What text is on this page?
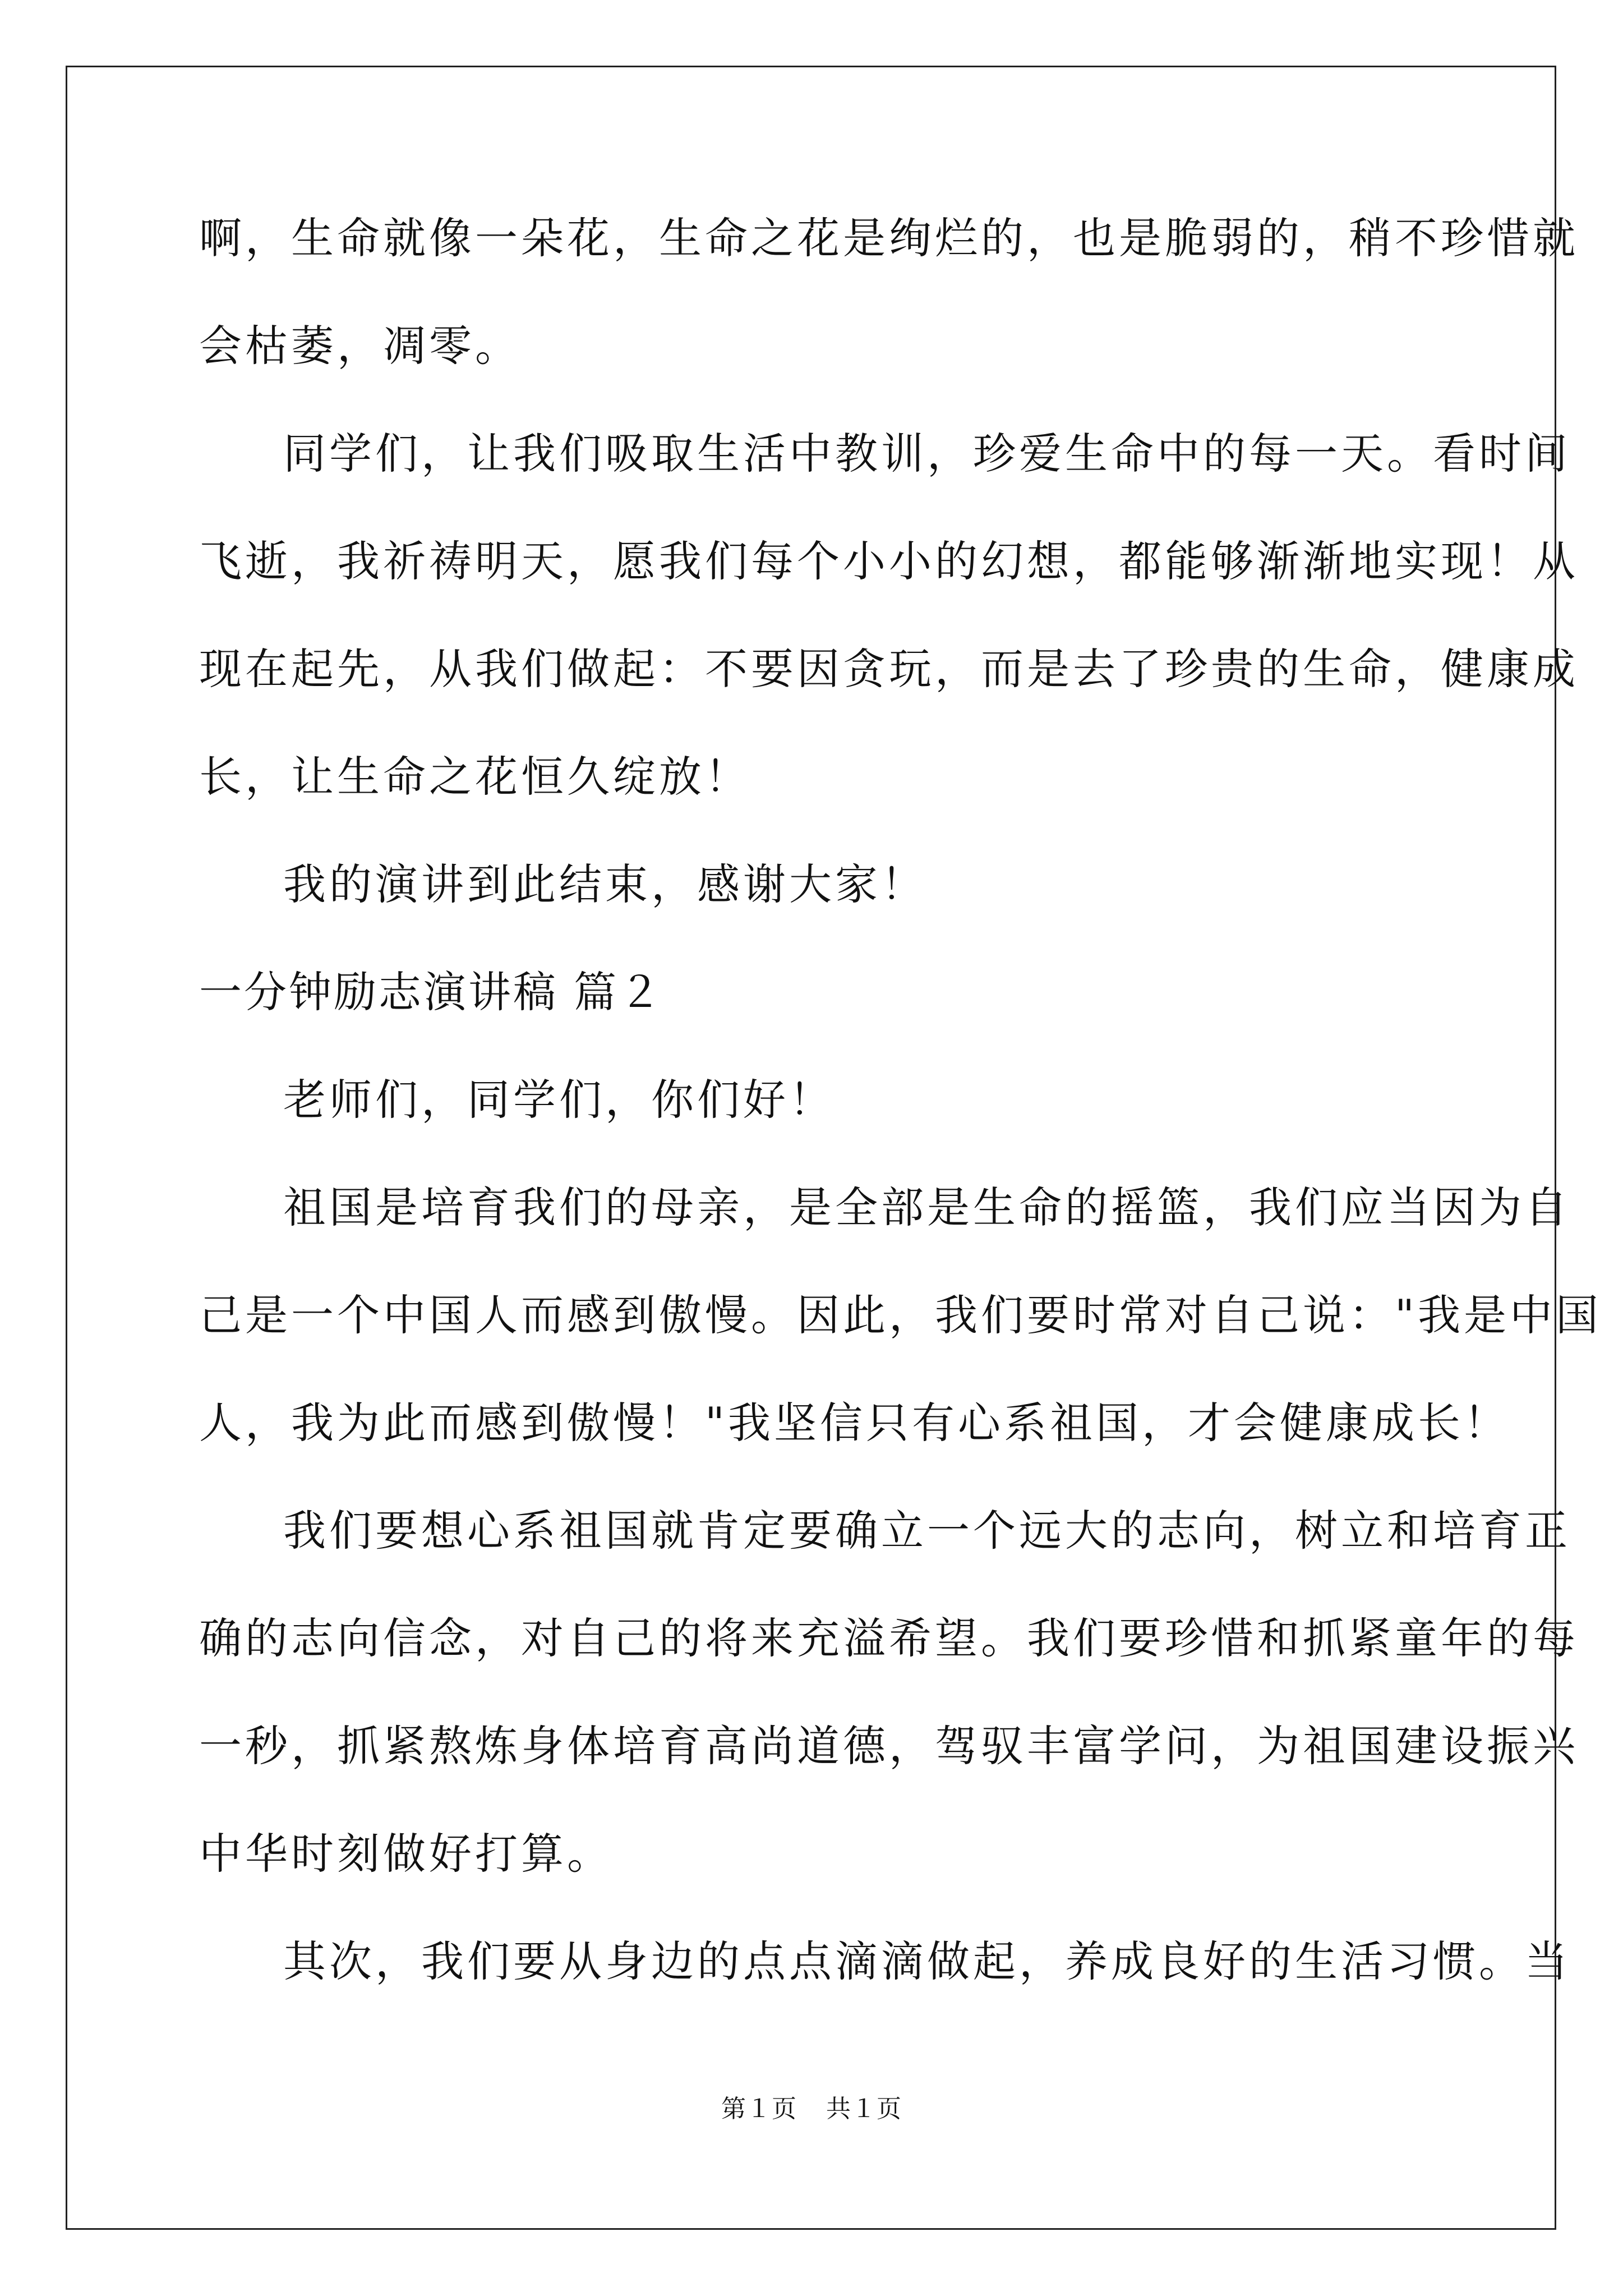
啊，生命就像一朵花，生命之花是绚烂的，也是脆弱的，稍不珍惜就
会枯萎，凋零。
同学们，让我们吸取生活中教训，珍爱生命中的每一天。看时间
飞逝，我祈祷明天，愿我们每个小小的幻想，都能够渐渐地实现！从
现在起先，从我们做起：不要因贪玩，而是去了珍贵的生命，健康成
长，让生命之花恒久绽放！
我的演讲到此结束，感谢大家！
一分钟励志演讲稿 篇２
老师们，同学们，你们好！
祖国是培育我们的母亲，是全部是生命的摇篮，我们应当因为自
己是一个中国人而感到傲慢。因此，我们要时常对自己说："我是中国
人，我为此而感到傲慢！"我坚信只有心系祖国，才会健康成长！
我们要想心系祖国就肯定要确立一个远大的志向，树立和培育正
确的志向信念，对自己的将来充溢希望。我们要珍惜和抓紧童年的每
一秒，抓紧熬炼身体培育高尚道德，驾驭丰富学问，为祖国建设振兴
中华时刻做好打算。
其次，我们要从身边的点点滴滴做起，养成良好的生活习惯。当
第１页 共１页
